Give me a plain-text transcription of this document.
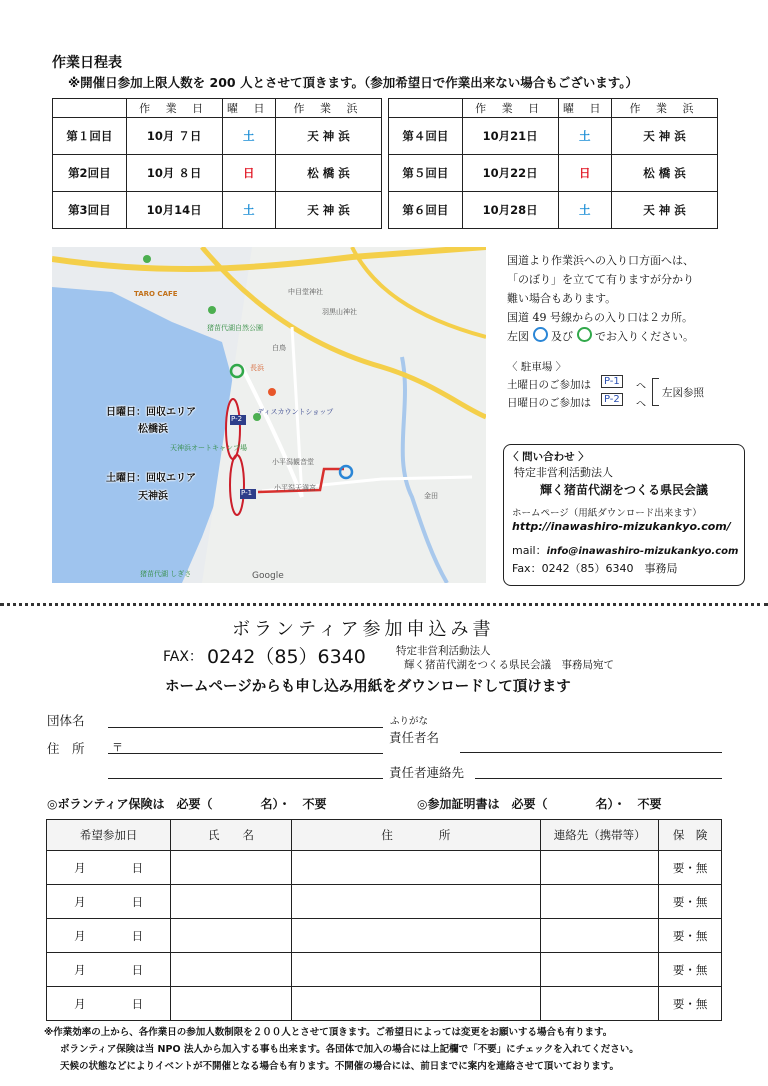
作業日程表
※開催日参加上限人数を 200 人とさせて頂きます。（参加希望日で作業出来ない場合もございます。）
	作 業 日	曜 日	作 業 浜			作 業 日	曜 日	作 業 浜
第１回目	10月 ７日	土	天 神 浜		第４回目	10月21日	土	天 神 浜
第2回目	10月 ８日	日	松 橋 浜		第５回目	10月22日	日	松 橋 浜
第3回目	10月14日	土	天 神 浜		第６回目	10月28日	土	天 神 浜
日曜日：回収エリア
松橋浜
土曜日：回収エリア
天神浜
P-2
P-1
TARO CAFE
猪苗代湖自然公園
長浜
中目堂神社
羽黒山神社
天神浜オートキャンプ場
ディスカウントショップ
小平潟天満宮
小平潟観音堂
白鳥
金田
猪苗代湖 しぎさ	Google
国道より作業浜への入り口方面へは、
「のぼり」を立てて有りますが分かり
難い場合もあります。
国道 49 号線からの入り口は２カ所。
左図 及び でお入りください。
〈 駐車場 〉
土曜日のご参加は	P-1
日曜日のご参加は	P-2
へ
へ
左図参照
〈 問い合わせ 〉
特定非営利活動法人
輝く猪苗代湖をつくる県民会議
ホームページ（用紙ダウンロード出来ます）
http://inawashiro-mizukankyo.com/
mail：info@inawashiro-mizukankyo.com
Fax：0242（85）6340　事務局
ボランティア参加申込み書
FAX： 0242（85）6340	特定非営利活動法人
輝く猪苗代湖をつくる県民会議　事務局宛て
ホームページからも申し込み用紙をダウンロードして頂けます
団体名
住　所 〒
ふりがな
責任者名
責任者連絡先
◎ボランティア保険は　必要（　　　　名）・　不要	◎参加証明書は　必要（　　　　名）・　不要
希望参加日	氏　　名	住　　　　所	連絡先（携帯等）	保　険
月 日				要・無
月 日				要・無
月 日				要・無
月 日				要・無
月 日				要・無
※作業効率の上から、各作業日の参加人数制限を２００人とさせて頂きます。ご希望日によっては変更をお願いする場合も有ります。
ボランティア保険は当 NPO 法人から加入する事も出来ます。各団体で加入の場合には上記欄で「不要」にチェックを入れてください。
天候の状態などによりイベントが不開催となる場合も有ります。不開催の場合には、前日までに案内を連絡させて頂いております。
